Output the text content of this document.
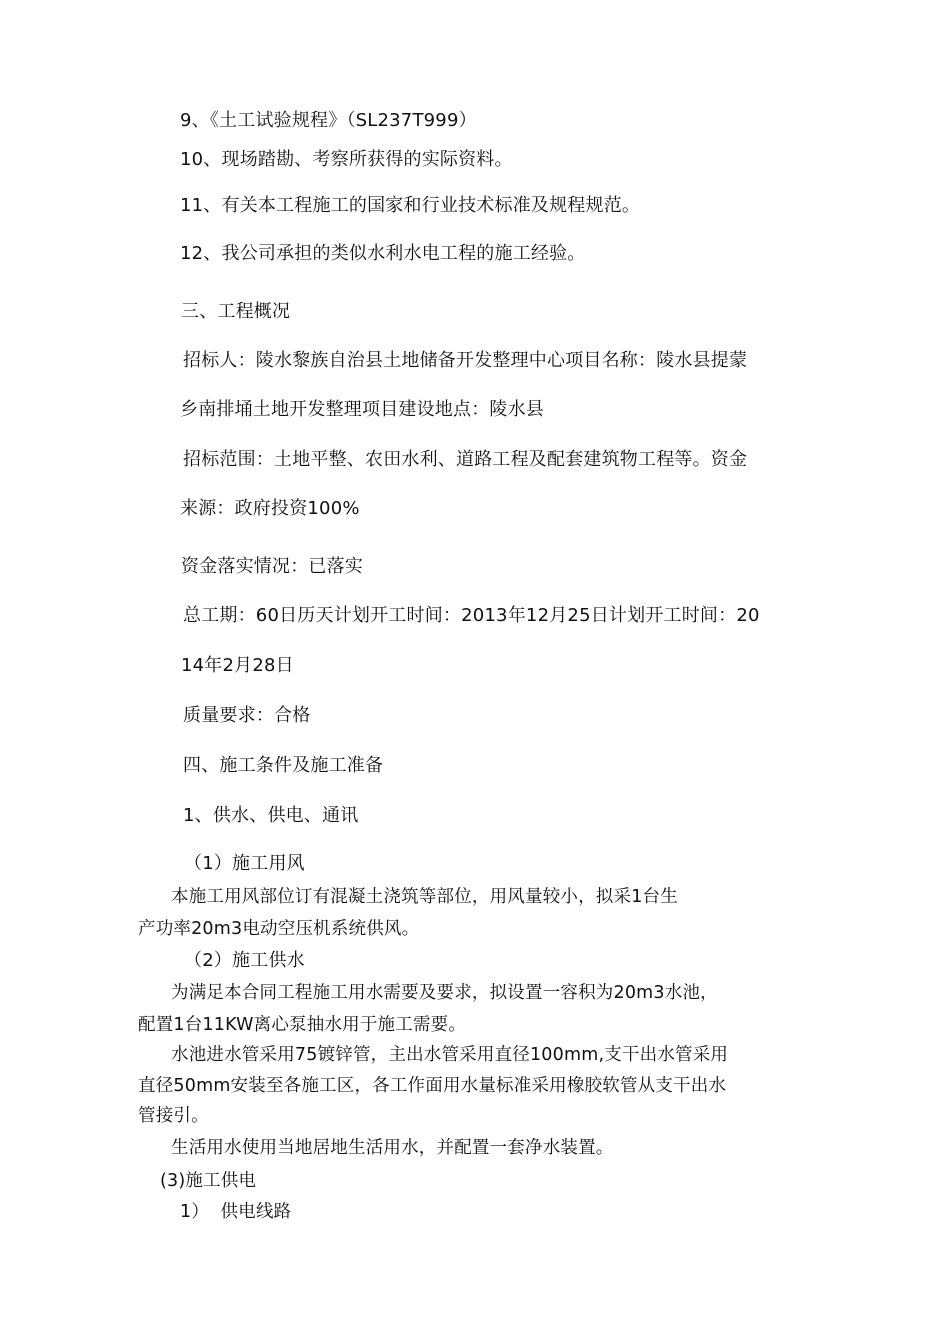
9、《土工试验规程》（SL237T999）
10、现场踏勘、考察所获得的实际资料。
11、有关本工程施工的国家和行业技术标准及规程规范。
12、我公司承担的类似水利水电工程的施工经验。
三、工程概况
招标人：陵水黎族自治县土地储备开发整理中心项目名称：陵水县提蒙
乡南排埇土地开发整理项目建设地点：陵水县
招标范围：土地平整、农田水利、道路工程及配套建筑物工程等。资金
来源：政府投资100%
资金落实情况：已落实
总工期：60日历天计划开工时间：2013年12月25日计划开工时间：20
14年2月28日
质量要求：合格
四、施工条件及施工准备
1、供水、供电、通讯
（1）施工用风
本施工用风部位订有混凝土浇筑等部位，用风量较小，拟采1台生
产功率20m3电动空压机系统供风。
（2）施工供水
为满足本合同工程施工用水需要及要求，拟设置一容积为20m3水池，
配置1台11KW离心泵抽水用于施工需要。
水池进水管采用75镀锌管，主出水管采用直径100mm,支干出水管采用
直径50mm安装至各施工区，各工作面用水量标准采用橡胶软管从支干出水
管接引。
生活用水使用当地居地生活用水，并配置一套净水装置。
(3)施工供电
1）  供电线路
